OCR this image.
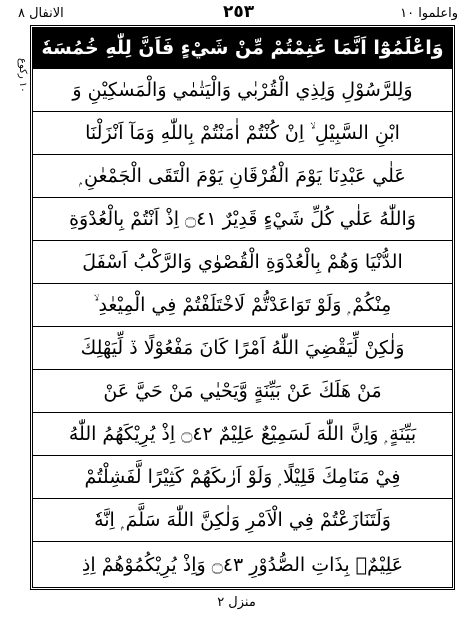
الانفال ٨	٢٥٣	واعلموا ١٠
١٠ رکوع
وَاعْلَمُوْٓا اَنَّمَا غَنِمْتُمْ مِّنْ شَيْءٍ فَاَنَّ لِلّٰهِ خُمُسَهٗ
وَلِلرَّسُوْلِ وَلِذِي الْقُرْبٰي وَالْيَتٰمٰي وَالْمَسٰكِيْنِ وَ
ابْنِ السَّبِيْلِ ۙ اِنْ كُنْتُمْ اٰمَنْتُمْ بِاللّٰهِ وَمَآ اَنْزَلْنَا
عَلٰي عَبْدِنَا يَوْمَ الْفُرْقَانِ يَوْمَ الْتَقَى الْجَمْعٰنِ ۭ
وَاللّٰهُ عَلٰي كُلِّ شَيْءٍ قَدِيْرٌ ۝٤١ اِذْ اَنْتُمْ بِالْعُدْوَةِ
الدُّنْيَا وَهُمْ بِالْعُدْوَةِ الْقُصْوٰي وَالرَّكْبُ اَسْفَلَ
مِنْكُمْ ۭ وَلَوْ تَوَاعَدْتُّمْ لَاخْتَلَفْتُمْ فِي الْمِيْعٰدِ ۙ
وَلٰكِنْ لِّيَقْضِيَ اللّٰهُ اَمْرًا كَانَ مَفْعُوْلًا ڏ لِّيَهْلِكَ
مَنْ هَلَكَ عَنْ بَيِّنَةٍ وَّيَحْيٰي مَنْ حَيَّ عَنْ
بَيِّنَةٍ ۭ وَاِنَّ اللّٰهَ لَسَمِيْعٌ عَلِيْمٌ ۝٤٢ اِذْ يُرِيْكَهُمُ اللّٰهُ
فِيْ مَنَامِكَ قَلِيْلًا ۭ وَلَوْ اَرٰىكَهُمْ كَثِيْرًا لَّفَشِلْتُمْ
وَلَتَنَازَعْتُمْ فِي الْاَمْرِ وَلٰكِنَّ اللّٰهَ سَلَّمَ ۭ اِنَّهٗ
عَلِيْمٌۢ بِذَاتِ الصُّدُوْرِ ۝٤٣ وَاِذْ يُرِيْكُمُوْهُمْ اِذِ
منزل ٢
